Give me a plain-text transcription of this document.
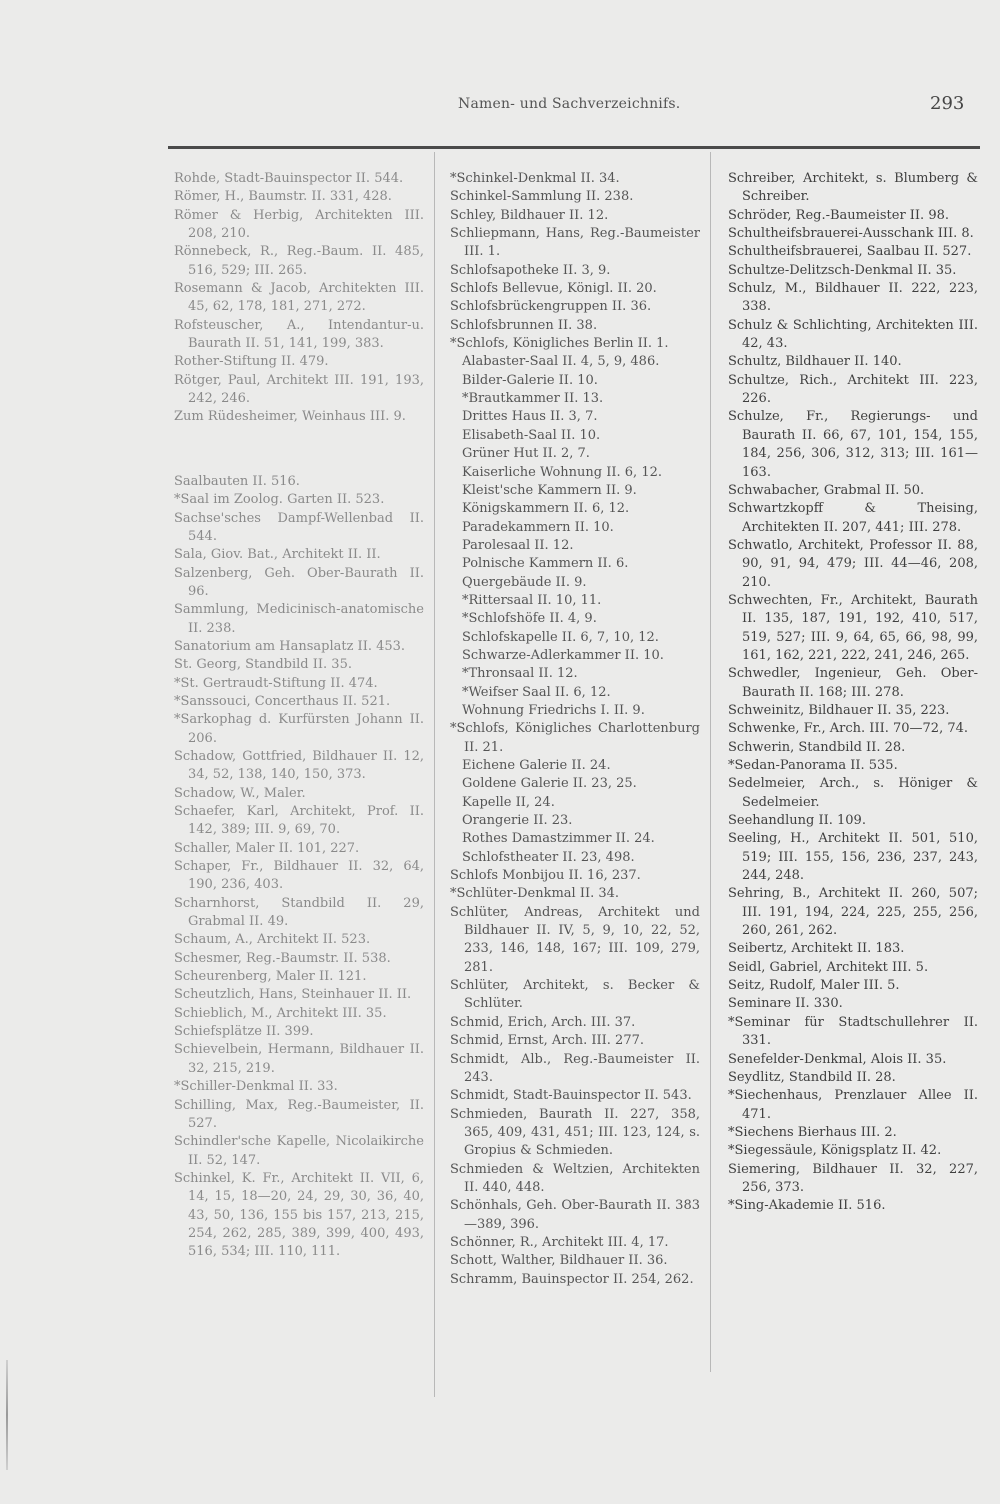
Namen- und Sachverzeichnifs.	293
Rohde, Stadt-Bauinspector II. 544.
Römer, H., Baumstr. II. 331, 428.
Römer & Herbig, Architekten III. 208, 210.
Rönnebeck, R., Reg.-Baum. II. 485, 516, 529; III. 265.
Rosemann & Jacob, Architekten III. 45, 62, 178, 181, 271, 272.
Rofsteuscher, A., Intendantur-u. Baurath II. 51, 141, 199, 383.
Rother-Stiftung II. 479.
Rötger, Paul, Architekt III. 191, 193, 242, 246.
Zum Rüdesheimer, Weinhaus III. 9.
Saalbauten II. 516.
*Saal im Zoolog. Garten II. 523.
Sachse'sches Dampf-Wellenbad II. 544.
Sala, Giov. Bat., Architekt II. II.
Salzenberg, Geh. Ober-Baurath II. 96.
Sammlung, Medicinisch-anatomische II. 238.
Sanatorium am Hansaplatz II. 453.
St. Georg, Standbild II. 35.
*St. Gertraudt-Stiftung II. 474.
*Sanssouci, Concerthaus II. 521.
*Sarkophag d. Kurfürsten Johann II. 206.
Schadow, Gottfried, Bildhauer II. 12, 34, 52, 138, 140, 150, 373.
Schadow, W., Maler.
Schaefer, Karl, Architekt, Prof. II. 142, 389; III. 9, 69, 70.
Schaller, Maler II. 101, 227.
Schaper, Fr., Bildhauer II. 32, 64, 190, 236, 403.
Scharnhorst, Standbild II. 29, Grabmal II. 49.
Schaum, A., Architekt II. 523.
Schesmer, Reg.-Baumstr. II. 538.
Scheurenberg, Maler II. 121.
Scheutzlich, Hans, Steinhauer II. II.
Schieblich, M., Architekt III. 35.
Schiefsplätze II. 399.
Schievelbein, Hermann, Bildhauer II. 32, 215, 219.
*Schiller-Denkmal II. 33.
Schilling, Max, Reg.-Baumeister, II. 527.
Schindler'sche Kapelle, Nicolaikirche II. 52, 147.
Schinkel, K. Fr., Architekt II. VII, 6, 14, 15, 18—20, 24, 29, 30, 36, 40, 43, 50, 136, 155 bis 157, 213, 215, 254, 262, 285, 389, 399, 400, 493, 516, 534; III. 110, 111.
*Schinkel-Denkmal II. 34.
Schinkel-Sammlung II. 238.
Schley, Bildhauer II. 12.
Schliepmann, Hans, Reg.-Baumeister III. 1.
Schlofsapotheke II. 3, 9.
Schlofs Bellevue, Königl. II. 20.
Schlofsbrückengruppen II. 36.
Schlofsbrunnen II. 38.
*Schlofs, Königliches Berlin II. 1.
Alabaster-Saal II. 4, 5, 9, 486.
Bilder-Galerie II. 10.
*Brautkammer II. 13.
Drittes Haus II. 3, 7.
Elisabeth-Saal II. 10.
Grüner Hut II. 2, 7.
Kaiserliche Wohnung II. 6, 12.
Kleist'sche Kammern II. 9.
Königskammern II. 6, 12.
Paradekammern II. 10.
Parolesaal II. 12.
Polnische Kammern II. 6.
Quergebäude II. 9.
*Rittersaal II. 10, 11.
*Schlofshöfe II. 4, 9.
Schlofskapelle II. 6, 7, 10, 12.
Schwarze-Adlerkammer II. 10.
*Thronsaal II. 12.
*Weifser Saal II. 6, 12.
Wohnung Friedrichs I. II. 9.
*Schlofs, Königliches Charlottenburg II. 21.
Eichene Galerie II. 24.
Goldene Galerie II. 23, 25.
Kapelle II, 24.
Orangerie II. 23.
Rothes Damastzimmer II. 24.
Schlofstheater II. 23, 498.
Schlofs Monbijou II. 16, 237.
*Schlüter-Denkmal II. 34.
Schlüter, Andreas, Architekt und Bildhauer II. IV, 5, 9, 10, 22, 52, 233, 146, 148, 167; III. 109, 279, 281.
Schlüter, Architekt, s. Becker & Schlüter.
Schmid, Erich, Arch. III. 37.
Schmid, Ernst, Arch. III. 277.
Schmidt, Alb., Reg.-Baumeister II. 243.
Schmidt, Stadt-Bauinspector II. 543.
Schmieden, Baurath II. 227, 358, 365, 409, 431, 451; III. 123, 124, s. Gropius & Schmieden.
Schmieden & Weltzien, Architekten II. 440, 448.
Schönhals, Geh. Ober-Baurath II. 383—389, 396.
Schönner, R., Architekt III. 4, 17.
Schott, Walther, Bildhauer II. 36.
Schramm, Bauinspector II. 254, 262.
Schreiber, Architekt, s. Blumberg & Schreiber.
Schröder, Reg.-Baumeister II. 98.
Schultheifsbrauerei-Ausschank III. 8.
Schultheifsbrauerei, Saalbau II. 527.
Schultze-Delitzsch-Denkmal II. 35.
Schulz, M., Bildhauer II. 222, 223, 338.
Schulz & Schlichting, Architekten III. 42, 43.
Schultz, Bildhauer II. 140.
Schultze, Rich., Architekt III. 223, 226.
Schulze, Fr., Regierungs- und Baurath II. 66, 67, 101, 154, 155, 184, 256, 306, 312, 313; III. 161—163.
Schwabacher, Grabmal II. 50.
Schwartzkopff & Theising, Architekten II. 207, 441; III. 278.
Schwatlo, Architekt, Professor II. 88, 90, 91, 94, 479; III. 44—46, 208, 210.
Schwechten, Fr., Architekt, Baurath II. 135, 187, 191, 192, 410, 517, 519, 527; III. 9, 64, 65, 66, 98, 99, 161, 162, 221, 222, 241, 246, 265.
Schwedler, Ingenieur, Geh. Ober-Baurath II. 168; III. 278.
Schweinitz, Bildhauer II. 35, 223.
Schwenke, Fr., Arch. III. 70—72, 74.
Schwerin, Standbild II. 28.
*Sedan-Panorama II. 535.
Sedelmeier, Arch., s. Höniger & Sedelmeier.
Seehandlung II. 109.
Seeling, H., Architekt II. 501, 510, 519; III. 155, 156, 236, 237, 243, 244, 248.
Sehring, B., Architekt II. 260, 507; III. 191, 194, 224, 225, 255, 256, 260, 261, 262.
Seibertz, Architekt II. 183.
Seidl, Gabriel, Architekt III. 5.
Seitz, Rudolf, Maler III. 5.
Seminare II. 330.
*Seminar für Stadtschullehrer II. 331.
Senefelder-Denkmal, Alois II. 35.
Seydlitz, Standbild II. 28.
*Siechenhaus, Prenzlauer Allee II. 471.
*Siechens Bierhaus III. 2.
*Siegessäule, Königsplatz II. 42.
Siemering, Bildhauer II. 32, 227, 256, 373.
*Sing-Akademie II. 516.
